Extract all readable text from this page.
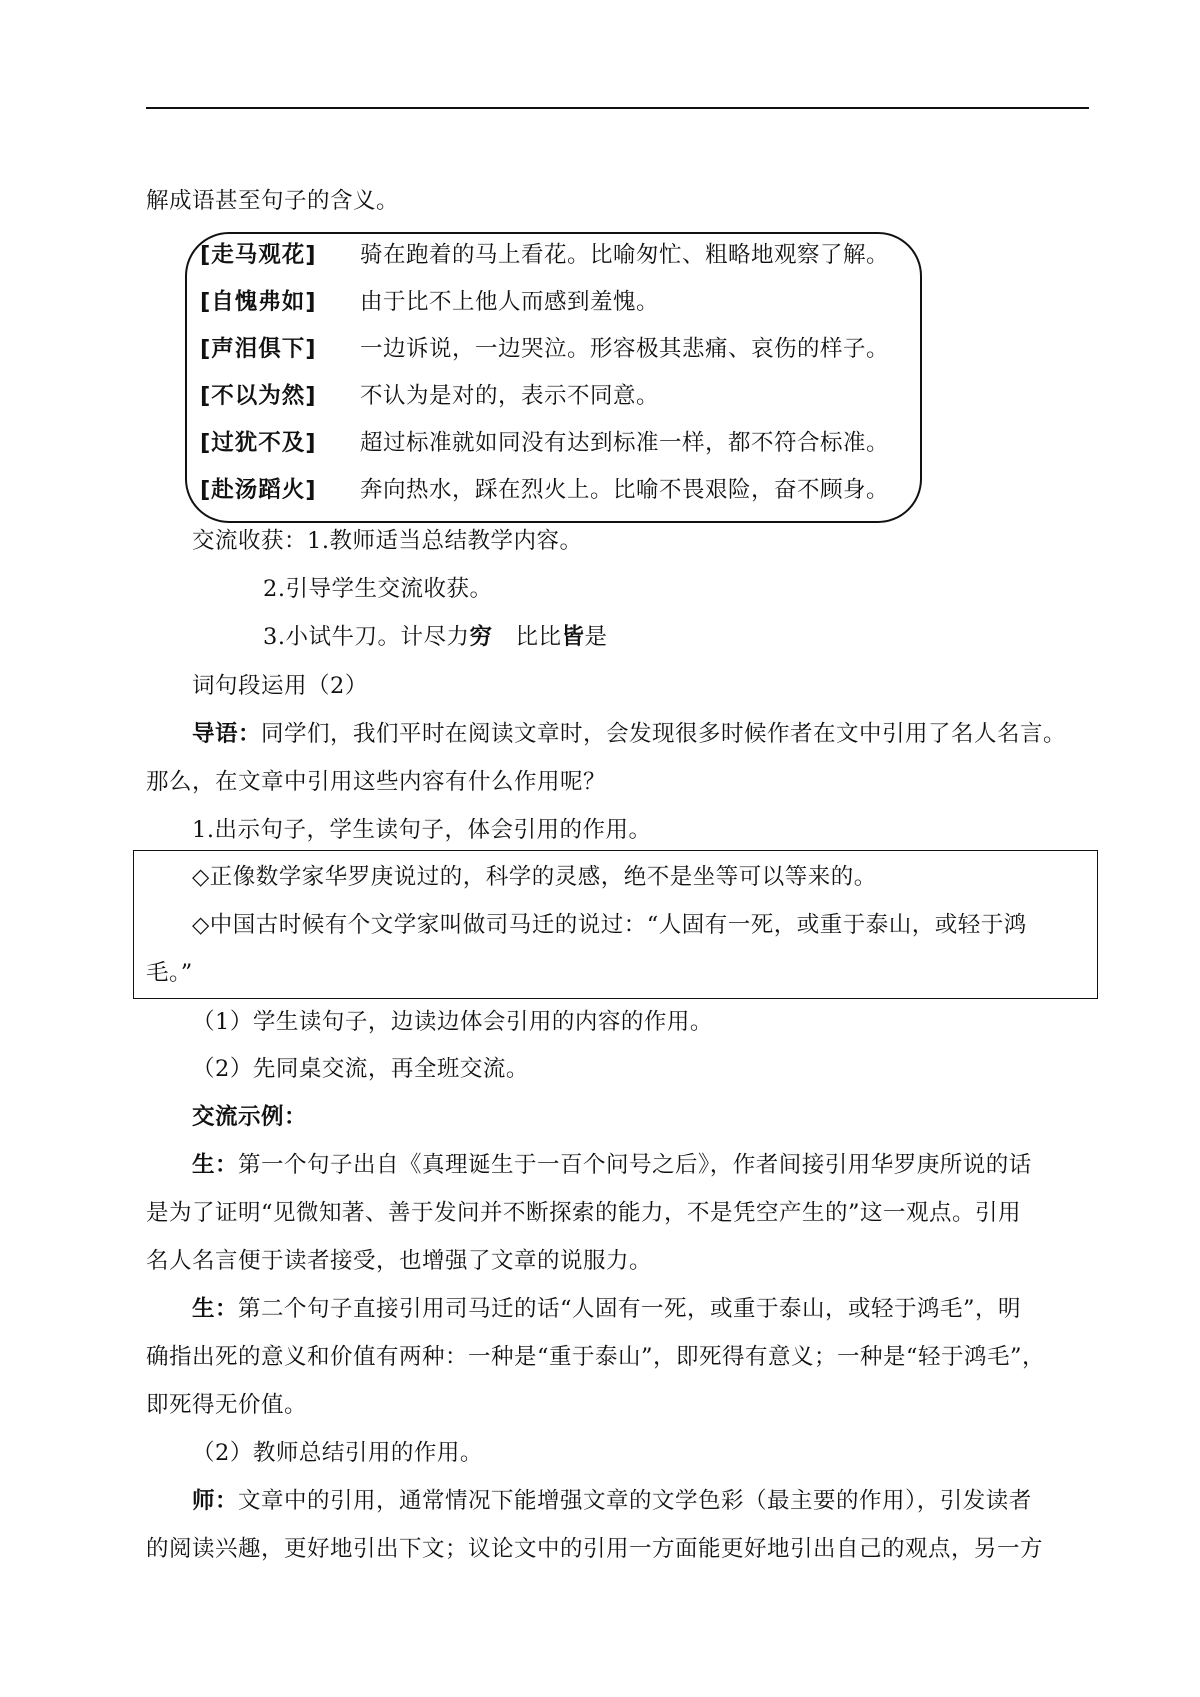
解成语甚至句子的含义。
[走马观花] 骑在跑着的马上看花。比喻匆忙、粗略地观察了解。
[自愧弗如] 由于比不上他人而感到羞愧。
[声泪俱下] 一边诉说，一边哭泣。形容极其悲痛、哀伤的样子。
[不以为然] 不认为是对的，表示不同意。
[过犹不及] 超过标准就如同没有达到标准一样，都不符合标准。
[赴汤蹈火] 奔向热水，踩在烈火上。比喻不畏艰险，奋不顾身。
交流收获：1.教师适当总结教学内容。
2.引导学生交流收获。
3.小试牛刀。计尽力穷　比比皆是
词句段运用（2）
导语：同学们，我们平时在阅读文章时，会发现很多时候作者在文中引用了名人名言。
那么，在文章中引用这些内容有什么作用呢？
1.出示句子，学生读句子，体会引用的作用。
◇正像数学家华罗庚说过的，科学的灵感，绝不是坐等可以等来的。
◇中国古时候有个文学家叫做司马迁的说过：“人固有一死，或重于泰山，或轻于鸿
毛。”
（1）学生读句子，边读边体会引用的内容的作用。
（2）先同桌交流，再全班交流。
交流示例：
生：第一个句子出自《真理诞生于一百个问号之后》，作者间接引用华罗庚所说的话
是为了证明“见微知著、善于发问并不断探索的能力，不是凭空产生的”这一观点。引用
名人名言便于读者接受，也增强了文章的说服力。
生：第二个句子直接引用司马迁的话“人固有一死，或重于泰山，或轻于鸿毛”，明
确指出死的意义和价值有两种：一种是“重于泰山”，即死得有意义；一种是“轻于鸿毛”，
即死得无价值。
（2）教师总结引用的作用。
师：文章中的引用，通常情况下能增强文章的文学色彩（最主要的作用），引发读者
的阅读兴趣，更好地引出下文；议论文中的引用一方面能更好地引出自己的观点，另一方
